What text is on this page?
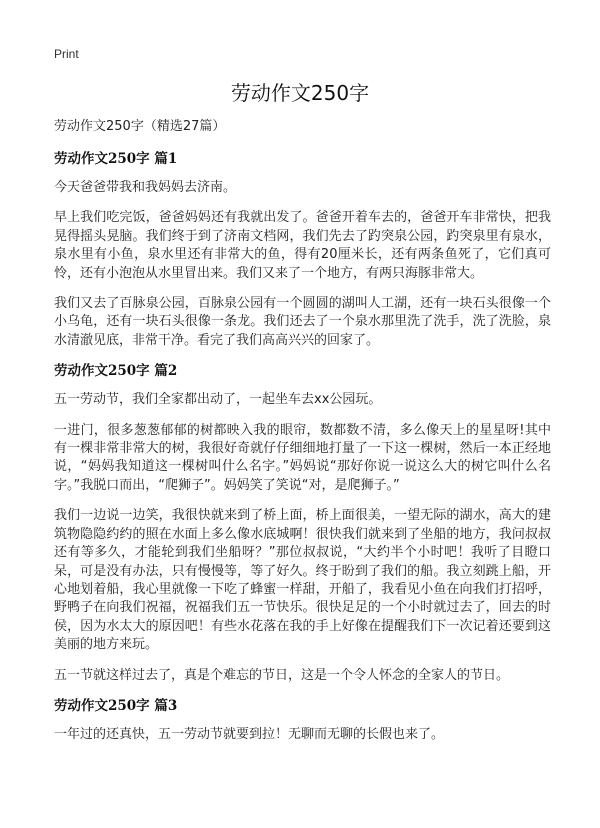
Print
劳动作文250字

劳动作文250字（精选27篇）

劳动作文250字 篇1

今天爸爸带我和我妈妈去济南。

早上我们吃完饭，爸爸妈妈还有我就出发了。爸爸开着车去的，爸爸开车非常快，把我晃得摇头晃脑。我们终于到了济南文档网，我们先去了趵突泉公园，趵突泉里有泉水，泉水里有小鱼，泉水里还有非常大的鱼，得有20厘米长，还有两条鱼死了，它们真可怜，还有小泡泡从水里冒出来。我们又来了一个地方，有两只海豚非常大。

我们又去了百脉泉公园，百脉泉公园有一个圆圆的湖叫人工湖，还有一块石头很像一个小乌龟，还有一块石头很像一条龙。我们还去了一个泉水那里洗了洗手，洗了洗脸，泉水清澈见底，非常干净。看完了我们高高兴兴的回家了。

劳动作文250字 篇2

五一劳动节，我们全家都出动了，一起坐车去xx公园玩。

一进门，很多葱葱郁郁的树都映入我的眼帘，数都数不清，多么像天上的星星呀!其中有一棵非常非常大的树，我很好奇就仔仔细细地打量了一下这一棵树，然后一本正经地说，“妈妈我知道这一棵树叫什么名字。”妈妈说“那好你说一说这么大的树它叫什么名字。”我脱口而出，“爬狮子”。妈妈笑了笑说“对，是爬狮子。”

我们一边说一边笑，我很快就来到了桥上面，桥上面很美，一望无际的湖水，高大的建筑物隐隐约约的照在水面上多么像水底城啊！很快我们就来到了坐船的地方，我问叔叔还有等多久，才能轮到我们坐船呀？”那位叔叔说，“大约半个小时吧！我听了目瞪口呆，可是没有办法，只有慢慢等，等了好久。终于盼到了我们的船。我立刻跳上船，开心地划着船，我心里就像一下吃了蜂蜜一样甜，开船了，我看见小鱼在向我们打招呼，野鸭子在向我们祝福，祝福我们五一节快乐。很快足足的一个小时就过去了，回去的时侯，因为水太大的原因吧！有些水花落在我的手上好像在提醒我们下一次记着还要到这美丽的地方来玩。

五一节就这样过去了，真是个难忘的节日，这是一个令人怀念的全家人的节日。

劳动作文250字 篇3

一年过的还真快，五一劳动节就要到拉！无聊而无聊的长假也来了。
